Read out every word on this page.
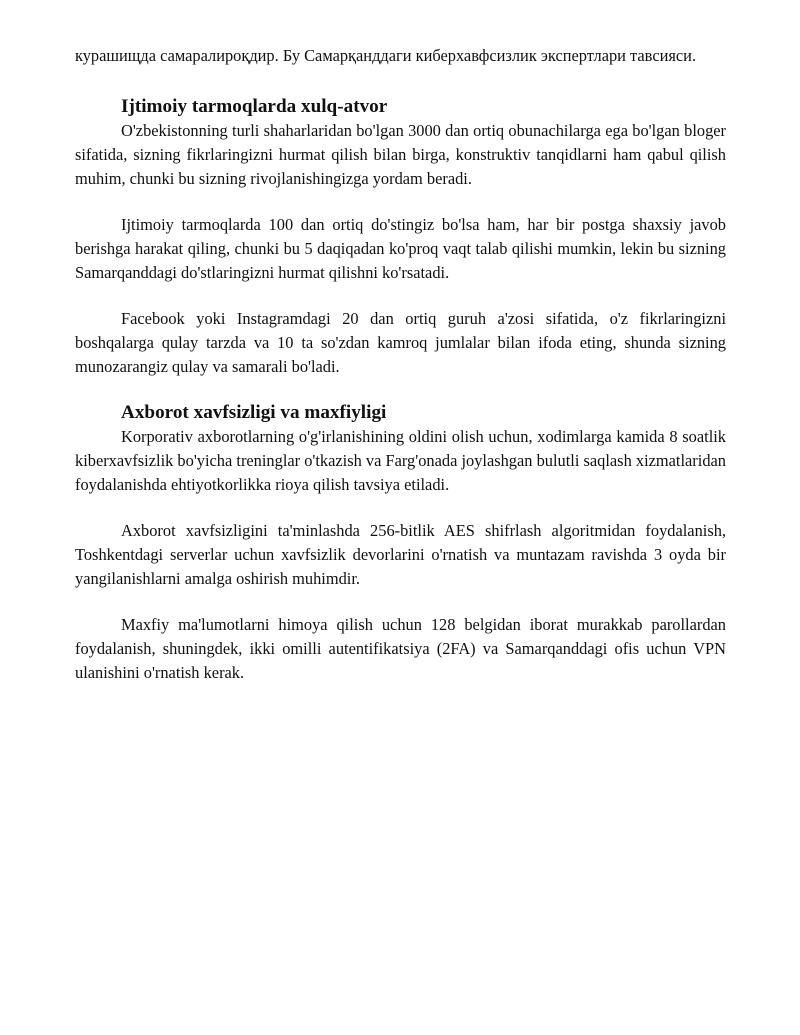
курашищда самаралироқдир. Бу Самарқанддаги киберхавфсизлик экспертлари тавсияси.

Ijtimoiy tarmoqlarda xulq-atvor

O'zbekistonning turli shaharlaridan bo'lgan 3000 dan ortiq obunachilarga ega bo'lgan bloger sifatida, sizning fikrlaringizni hurmat qilish bilan birga, konstruktiv tanqidlarni ham qabul qilish muhim, chunki bu sizning rivojlanishingizga yordam beradi.

Ijtimoiy tarmoqlarda 100 dan ortiq do'stingiz bo'lsa ham, har bir postga shaxsiy javob berishga harakat qiling, chunki bu 5 daqiqadan ko'proq vaqt talab qilishi mumkin, lekin bu sizning Samarqanddagi do'stlaringizni hurmat qilishni ko'rsatadi.

Facebook yoki Instagramdagi 20 dan ortiq guruh a'zosi sifatida, o'z fikrlaringizni boshqalarga qulay tarzda va 10 ta so'zdan kamroq jumlalar bilan ifoda eting, shunda sizning munozarangiz qulay va samarali bo'ladi.

Axborot xavfsizligi va maxfiyligi

Korporativ axborotlarning o'g'irlanishining oldini olish uchun, xodimlarga kamida 8 soatlik kiberxavfsizlik bo'yicha treninglar o'tkazish va Farg'onada joylashgan bulutli saqlash xizmatlaridan foydalanishda ehtiyotkorlikka rioya qilish tavsiya etiladi.

Axborot xavfsizligini ta'minlashda 256-bitlik AES shifrlash algoritmidan foydalanish, Toshkentdagi serverlar uchun xavfsizlik devorlarini o'rnatish va muntazam ravishda 3 oyda bir yangilanishlarni amalga oshirish muhimdir.

Maxfiy ma'lumotlarni himoya qilish uchun 128 belgidan iborat murakkab parollardan foydalanish, shuningdek, ikki omilli autentifikatsiya (2FA) va Samarqanddagi ofis uchun VPN ulanishini o'rnatish kerak.
